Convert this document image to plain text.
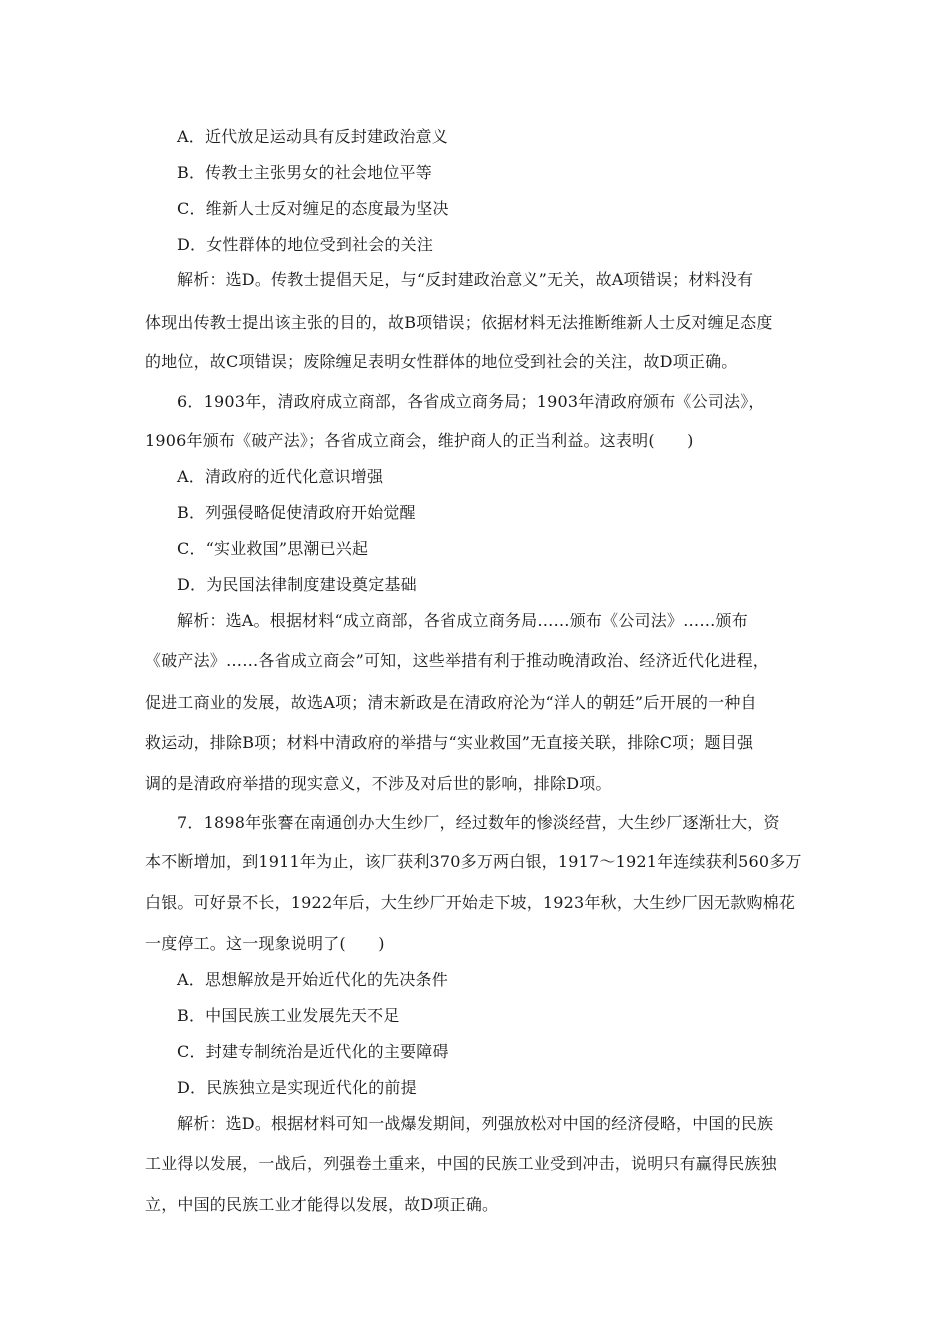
A．近代放足运动具有反封建政治意义
B．传教士主张男女的社会地位平等
C．维新人士反对缠足的态度最为坚决
D．女性群体的地位受到社会的关注
解析：选D。传教士提倡天足，与“反封建政治意义”无关，故A项错误；材料没有
体现出传教士提出该主张的目的，故B项错误；依据材料无法推断维新人士反对缠足态度
的地位，故C项错误；废除缠足表明女性群体的地位受到社会的关注，故D项正确。
6．1903年，清政府成立商部，各省成立商务局；1903年清政府颁布《公司法》，
1906年颁布《破产法》；各省成立商会，维护商人的正当利益。这表明(　　)
A．清政府的近代化意识增强
B．列强侵略促使清政府开始觉醒
C．“实业救国”思潮已兴起
D．为民国法律制度建设奠定基础
解析：选A。根据材料“成立商部，各省成立商务局……颁布《公司法》……颁布
《破产法》……各省成立商会”可知，这些举措有利于推动晚清政治、经济近代化进程，
促进工商业的发展，故选A项；清末新政是在清政府沦为“洋人的朝廷”后开展的一种自
救运动，排除B项；材料中清政府的举措与“实业救国”无直接关联，排除C项；题目强
调的是清政府举措的现实意义，不涉及对后世的影响，排除D项。
7．1898年张謇在南通创办大生纱厂，经过数年的惨淡经营，大生纱厂逐渐壮大，资
本不断增加，到1911年为止，该厂获利370多万两白银，1917～1921年连续获利560多万
白银。可好景不长，1922年后，大生纱厂开始走下坡，1923年秋，大生纱厂因无款购棉花
一度停工。这一现象说明了(　　)
A．思想解放是开始近代化的先决条件
B．中国民族工业发展先天不足
C．封建专制统治是近代化的主要障碍
D．民族独立是实现近代化的前提
解析：选D。根据材料可知一战爆发期间，列强放松对中国的经济侵略，中国的民族
工业得以发展，一战后，列强卷土重来，中国的民族工业受到冲击，说明只有赢得民族独
立，中国的民族工业才能得以发展，故D项正确。
